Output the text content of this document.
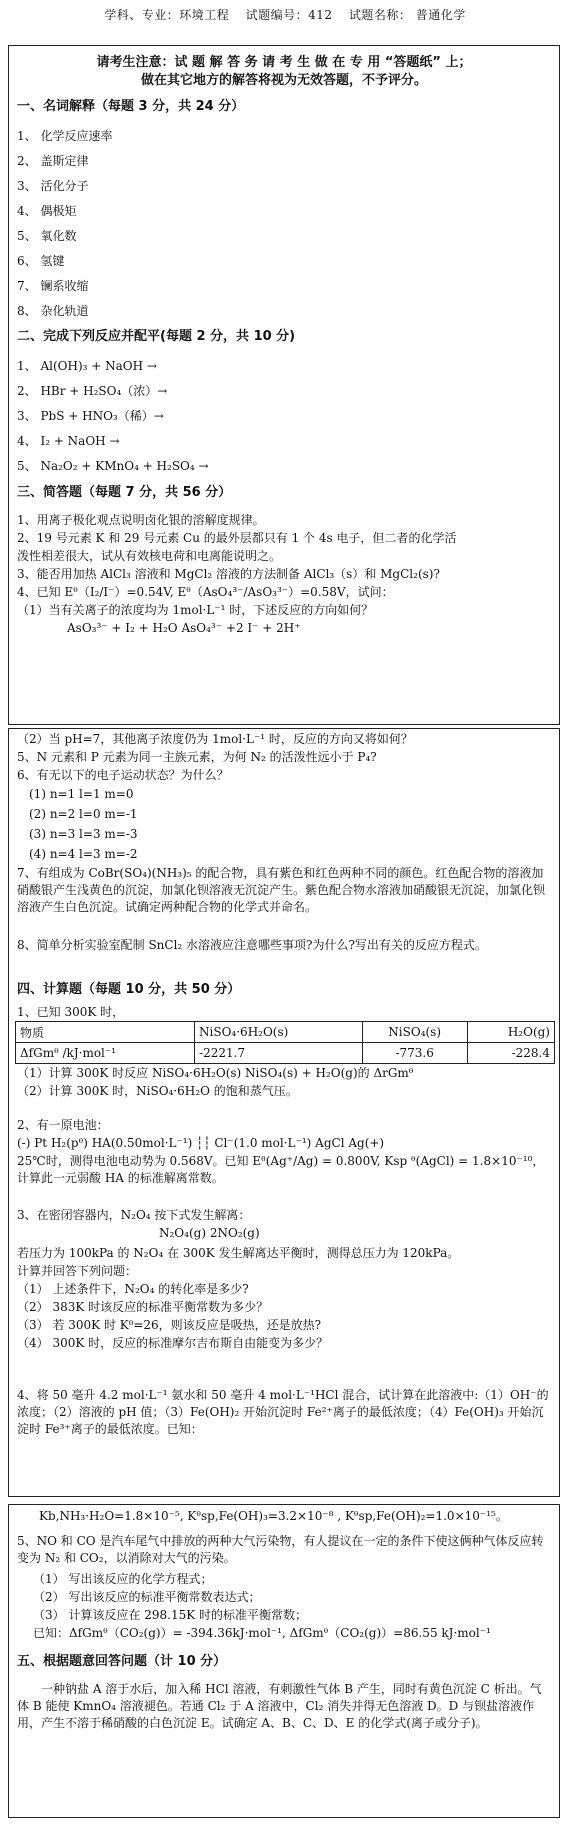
学科、专业：环境工程 试题编号：412 试题名称： 普通化学
请考生注意：试 题 解 答 务 请 考 生 做 在 专 用 “答题纸” 上；
做在其它地方的解答将视为无效答题，不予评分。
一、名词解释（每题 3 分，共 24 分）
1、 化学反应速率
2、 盖斯定律
3、 活化分子
4、 偶极矩
5、 氧化数
6、 氢键
7、 镧系收缩
8、 杂化轨道
二、完成下列反应并配平(每题 2 分，共 10 分)
1、 Al(OH)₃ + NaOH →
2、 HBr + H₂SO₄（浓）→
3、 PbS + HNO₃（稀）→
4、 I₂ + NaOH →
5、 Na₂O₂ + KMnO₄ + H₂SO₄ →
三、简答题（每题 7 分，共 56 分）
1、用离子极化观点说明卤化银的溶解度规律。
2、19 号元素 K 和 29 号元素 Cu 的最外层都只有 1 个 4s 电子，但二者的化学活
泼性相差很大，试从有效核电荷和电离能说明之。
3、能否用加热 AlCl₃ 溶液和 MgCl₂ 溶液的方法制备 AlCl₃（s）和 MgCl₂(s)?
4、已知 Eᶿ（I₂/I⁻）=0.54V, Eᶿ（AsO₄³⁻/AsO₃³⁻）=0.58V，试问：
（1）当有关离子的浓度均为 1mol·L⁻¹ 时，下述反应的方向如何？
AsO₃³⁻ + I₂ + H₂O AsO₄³⁻ +2 I⁻ + 2H⁺
（2）当 pH=7，其他离子浓度仍为 1mol·L⁻¹ 时，反应的方向又将如何？
5、N 元素和 P 元素为同一主族元素，为何 N₂ 的活泼性远小于 P₄?
6、有无以下的电子运动状态？为什么？
(1) n=1 l=1 m=0
(2) n=2 l=0 m=-1
(3) n=3 l=3 m=-3
(4) n=4 l=3 m=-2
7、有组成为 CoBr(SO₄)(NH₃)₅ 的配合物，具有紫色和红色两种不同的颜色。红色配合物的溶液加硝酸银产生浅黄色的沉淀，加氯化钡溶液无沉淀产生。紫色配合物水溶液加硝酸银无沉淀，加氯化钡溶液产生白色沉淀。试确定两种配合物的化学式并命名。
8、简单分析实验室配制 SnCl₂ 水溶液应注意哪些事项?为什么?写出有关的反应方程式。
四、计算题（每题 10 分，共 50 分）
1、已知 300K 时，
物质	NiSO₄·6H₂O(s)	NiSO₄(s)	H₂O(g)
ΔfGmᶿ /kJ·mol⁻¹	-2221.7	-773.6	-228.4
（1）计算 300K 时反应 NiSO₄·6H₂O(s) NiSO₄(s) + H₂O(g)的 ΔrGmᶿ
（2）计算 300K 时，NiSO₄·6H₂O 的饱和蒸气压。
2、有一原电池：
(-) Pt H₂(pᶿ) HA(0.50mol·L⁻¹) ┆┆ Cl⁻(1.0 mol·L⁻¹) AgCl Ag(+)
25℃时，测得电池电动势为 0.568V。已知 Eᶿ(Ag⁺/Ag) = 0.800V, Ksp ᶿ(AgCl) = 1.8×10⁻¹⁰，计算此一元弱酸 HA 的标准解离常数。
3、在密闭容器内，N₂O₄ 按下式发生解离：
N₂O₄(g) 2NO₂(g)
若压力为 100kPa 的 N₂O₄ 在 300K 发生解离达平衡时，测得总压力为 120kPa。
计算并回答下列问题：
（1） 上述条件下，N₂O₄ 的转化率是多少?
（2） 383K 时该反应的标准平衡常数为多少？
（3） 若 300K 时 Kᶿ=26，则该反应是吸热，还是放热?
（4） 300K 时，反应的标准摩尔吉布斯自由能变为多少？
4、将 50 毫升 4.2 mol·L⁻¹ 氨水和 50 毫升 4 mol·L⁻¹HCl 混合，试计算在此溶液中:（1）OH⁻的浓度；（2）溶液的 pH 值；（3）Fe(OH)₂ 开始沉淀时 Fe²⁺离子的最低浓度；（4）Fe(OH)₃ 开始沉淀时 Fe³⁺离子的最低浓度。已知：
Kb,NH₃·H₂O=1.8×10⁻⁵, Kᶿsp,Fe(OH)₃=3.2×10⁻⁸ , Kᶿsp,Fe(OH)₂=1.0×10⁻¹⁵。
5、NO 和 CO 是汽车尾气中排放的两种大气污染物，有人提议在一定的条件下使这俩种气体反应转变为 N₂ 和 CO₂，以消除对大气的污染。
（1） 写出该反应的化学方程式；
（2） 写出该反应的标准平衡常数表达式；
（3） 计算该反应在 298.15K 时的标准平衡常数；
已知：ΔfGmᶿ（CO₂(g)）= -394.36kJ·mol⁻¹, ΔfGmᶿ（CO₂(g)）=86.55 kJ·mol⁻¹
五、根据题意回答问题（计 10 分）
一种钠盐 A 溶于水后，加入稀 HCl 溶液，有刺激性气体 B 产生，同时有黄色沉淀 C 析出。气体 B 能使 KmnO₄ 溶液褪色。若通 Cl₂ 于 A 溶液中，Cl₂ 消失并得无色溶液 D。D 与钡盐溶液作用，产生不溶于稀硝酸的白色沉淀 E。试确定 A、B、C、D、E 的化学式(离子或分子)。
